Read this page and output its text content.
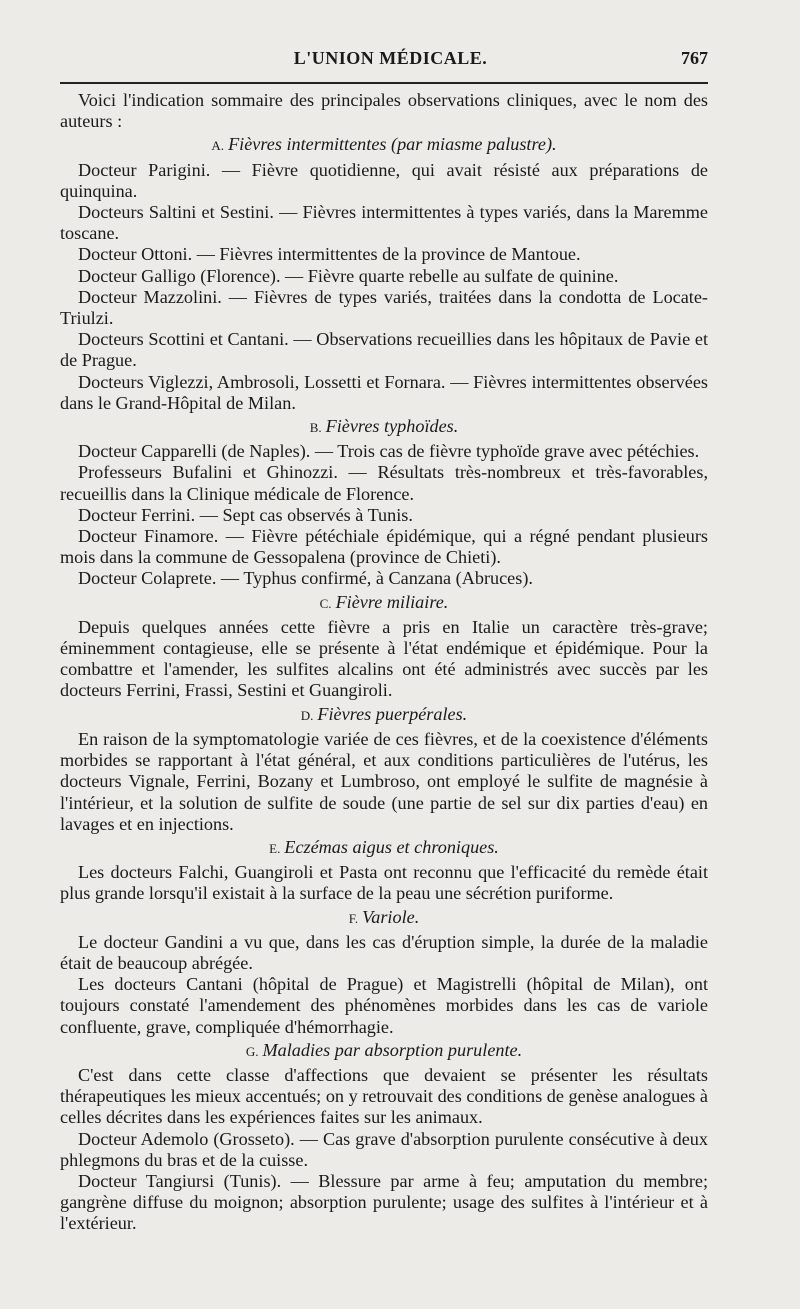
L'UNION MÉDICALE.	767

Voici l'indication sommaire des principales observations cliniques, avec le nom des auteurs :

A. Fièvres intermittentes (par miasme palustre).

Docteur Parigini. — Fièvre quotidienne, qui avait résisté aux préparations de quinquina.

Docteurs Saltini et Sestini. — Fièvres intermittentes à types variés, dans la Maremme toscane.

Docteur Ottoni. — Fièvres intermittentes de la province de Mantoue.

Docteur Galligo (Florence). — Fièvre quarte rebelle au sulfate de quinine.

Docteur Mazzolini. — Fièvres de types variés, traitées dans la condotta de Locate-Triulzi.

Docteurs Scottini et Cantani. — Observations recueillies dans les hôpitaux de Pavie et de Prague.

Docteurs Viglezzi, Ambrosoli, Lossetti et Fornara. — Fièvres intermittentes observées dans le Grand-Hôpital de Milan.

B. Fièvres typhoïdes.

Docteur Capparelli (de Naples). — Trois cas de fièvre typhoïde grave avec pétéchies.

Professeurs Bufalini et Ghinozzi. — Résultats très-nombreux et très-favorables, recueillis dans la Clinique médicale de Florence.

Docteur Ferrini. — Sept cas observés à Tunis.

Docteur Finamore. — Fièvre pétéchiale épidémique, qui a régné pendant plusieurs mois dans la commune de Gessopalena (province de Chieti).

Docteur Colaprete. — Typhus confirmé, à Canzana (Abruces).

C. Fièvre miliaire.

Depuis quelques années cette fièvre a pris en Italie un caractère très-grave; éminemment contagieuse, elle se présente à l'état endémique et épidémique. Pour la combattre et l'amender, les sulfites alcalins ont été administrés avec succès par les docteurs Ferrini, Frassi, Sestini et Guangiroli.

D. Fièvres puerpérales.

En raison de la symptomatologie variée de ces fièvres, et de la coexistence d'éléments morbides se rapportant à l'état général, et aux conditions particulières de l'utérus, les docteurs Vignale, Ferrini, Bozany et Lumbroso, ont employé le sulfite de magnésie à l'intérieur, et la solution de sulfite de soude (une partie de sel sur dix parties d'eau) en lavages et en injections.

E. Eczémas aigus et chroniques.

Les docteurs Falchi, Guangiroli et Pasta ont reconnu que l'efficacité du remède était plus grande lorsqu'il existait à la surface de la peau une sécrétion puriforme.

F. Variole.

Le docteur Gandini a vu que, dans les cas d'éruption simple, la durée de la maladie était de beaucoup abrégée.

Les docteurs Cantani (hôpital de Prague) et Magistrelli (hôpital de Milan), ont toujours constaté l'amendement des phénomènes morbides dans les cas de variole confluente, grave, compliquée d'hémorrhagie.

G. Maladies par absorption purulente.

C'est dans cette classe d'affections que devaient se présenter les résultats thérapeutiques les mieux accentués; on y retrouvait des conditions de genèse analogues à celles décrites dans les expériences faites sur les animaux.

Docteur Ademolo (Grosseto). — Cas grave d'absorption purulente consécutive à deux phlegmons du bras et de la cuisse.

Docteur Tangiursi (Tunis). — Blessure par arme à feu; amputation du membre; gangrène diffuse du moignon; absorption purulente; usage des sulfites à l'intérieur et à l'extérieur.
